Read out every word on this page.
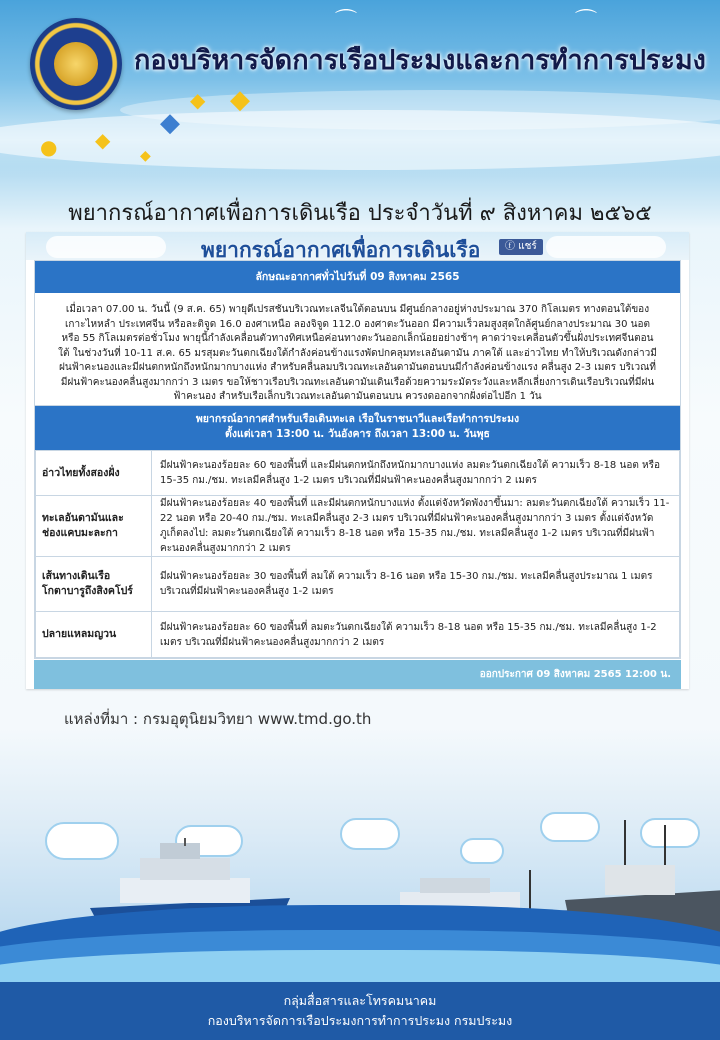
กองบริหารจัดการเรือประมงและการทำการประมง
⌒	⌒
◆
◆
◆
● ◆
◆
พยากรณ์อากาศเพื่อการเดินเรือ ประจำวันที่ ๙ สิงหาคม ๒๕๖๕
พยากรณ์อากาศเพื่อการเดินเรือ	ⓕ แชร์
ลักษณะอากาศทั่วไปวันที่ 09 สิงหาคม 2565
เมื่อเวลา 07.00 น. วันนี้ (9 ส.ค. 65) พายุดีเปรสชันบริเวณทะเลจีนใต้ตอนบน มีศูนย์กลางอยู่ห่างประมาณ 370 กิโลเมตร ทางตอนใต้ของเกาะไหหลำ ประเทศจีน หรือละติจูด 16.0 องศาเหนือ ลองจิจูด 112.0 องศาตะวันออก มีความเร็วลมสูงสุดใกล้ศูนย์กลางประมาณ 30 นอต หรือ 55 กิโลเมตรต่อชั่วโมง พายุนี้กำลังเคลื่อนตัวทางทิศเหนือค่อนทางตะวันออกเล็กน้อยอย่างช้าๆ คาดว่าจะเคลื่อนตัวขึ้นฝั่งประเทศจีนตอนใต้ ในช่วงวันที่ 10-11 ส.ค. 65 มรสุมตะวันตกเฉียงใต้กำลังค่อนข้างแรงพัดปกคลุมทะเลอันดามัน ภาคใต้ และอ่าวไทย ทำให้บริเวณดังกล่าวมีฝนฟ้าคะนองและมีฝนตกหนักถึงหนักมากบางแห่ง สำหรับคลื่นลมบริเวณทะเลอันดามันตอนบนมีกำลังค่อนข้างแรง คลื่นสูง 2-3 เมตร บริเวณที่มีฝนฟ้าคะนองคลื่นสูงมากกว่า 3 เมตร ขอให้ชาวเรือบริเวณทะเลอันดามันเดินเรือด้วยความระมัดระวังและหลีกเลี่ยงการเดินเรือบริเวณที่มีฝนฟ้าคะนอง สำหรับเรือเล็กบริเวณทะเลอันดามันตอนบน ควรงดออกจากฝั่งต่อไปอีก 1 วัน
พยากรณ์อากาศสำหรับเรือเดินทะเล เรือในราชนาวีและเรือทำการประมง
ตั้งแต่เวลา 13:00 น. วันอังคาร ถึงเวลา 13:00 น. วันพุธ
อ่าวไทยทั้งสองฝั่ง	มีฝนฟ้าคะนองร้อยละ 60 ของพื้นที่ และมีฝนตกหนักถึงหนักมากบางแห่ง ลมตะวันตกเฉียงใต้ ความเร็ว 8-18 นอต หรือ 15-35 กม./ชม. ทะเลมีคลื่นสูง 1-2 เมตร บริเวณที่มีฝนฟ้าคะนองคลื่นสูงมากกว่า 2 เมตร
ทะเลอันดามันและช่องแคบมะละกา	มีฝนฟ้าคะนองร้อยละ 40 ของพื้นที่ และมีฝนตกหนักบางแห่ง ตั้งแต่จังหวัดพังงาขึ้นมา: ลมตะวันตกเฉียงใต้ ความเร็ว 11-22 นอต หรือ 20-40 กม./ชม. ทะเลมีคลื่นสูง 2-3 เมตร บริเวณที่มีฝนฟ้าคะนองคลื่นสูงมากกว่า 3 เมตร ตั้งแต่จังหวัดภูเก็ตลงไป: ลมตะวันตกเฉียงใต้ ความเร็ว 8-18 นอต หรือ 15-35 กม./ชม. ทะเลมีคลื่นสูง 1-2 เมตร บริเวณที่มีฝนฟ้าคะนองคลื่นสูงมากกว่า 2 เมตร
เส้นทางเดินเรือโกตาบารูถึงสิงคโปร์	มีฝนฟ้าคะนองร้อยละ 30 ของพื้นที่ ลมใต้ ความเร็ว 8-16 นอต หรือ 15-30 กม./ชม. ทะเลมีคลื่นสูงประมาณ 1 เมตร บริเวณที่มีฝนฟ้าคะนองคลื่นสูง 1-2 เมตร
ปลายแหลมญวน	มีฝนฟ้าคะนองร้อยละ 60 ของพื้นที่ ลมตะวันตกเฉียงใต้ ความเร็ว 8-18 นอต หรือ 15-35 กม./ชม. ทะเลมีคลื่นสูง 1-2 เมตร บริเวณที่มีฝนฟ้าคะนองคลื่นสูงมากกว่า 2 เมตร
ออกประกาศ 09 สิงหาคม 2565 12:00 น.
แหล่งที่มา : กรมอุตุนิยมวิทยา www.tmd.go.th
กลุ่มสื่อสารและโทรคมนาคม
กองบริหารจัดการเรือประมงการทำการประมง กรมประมง
